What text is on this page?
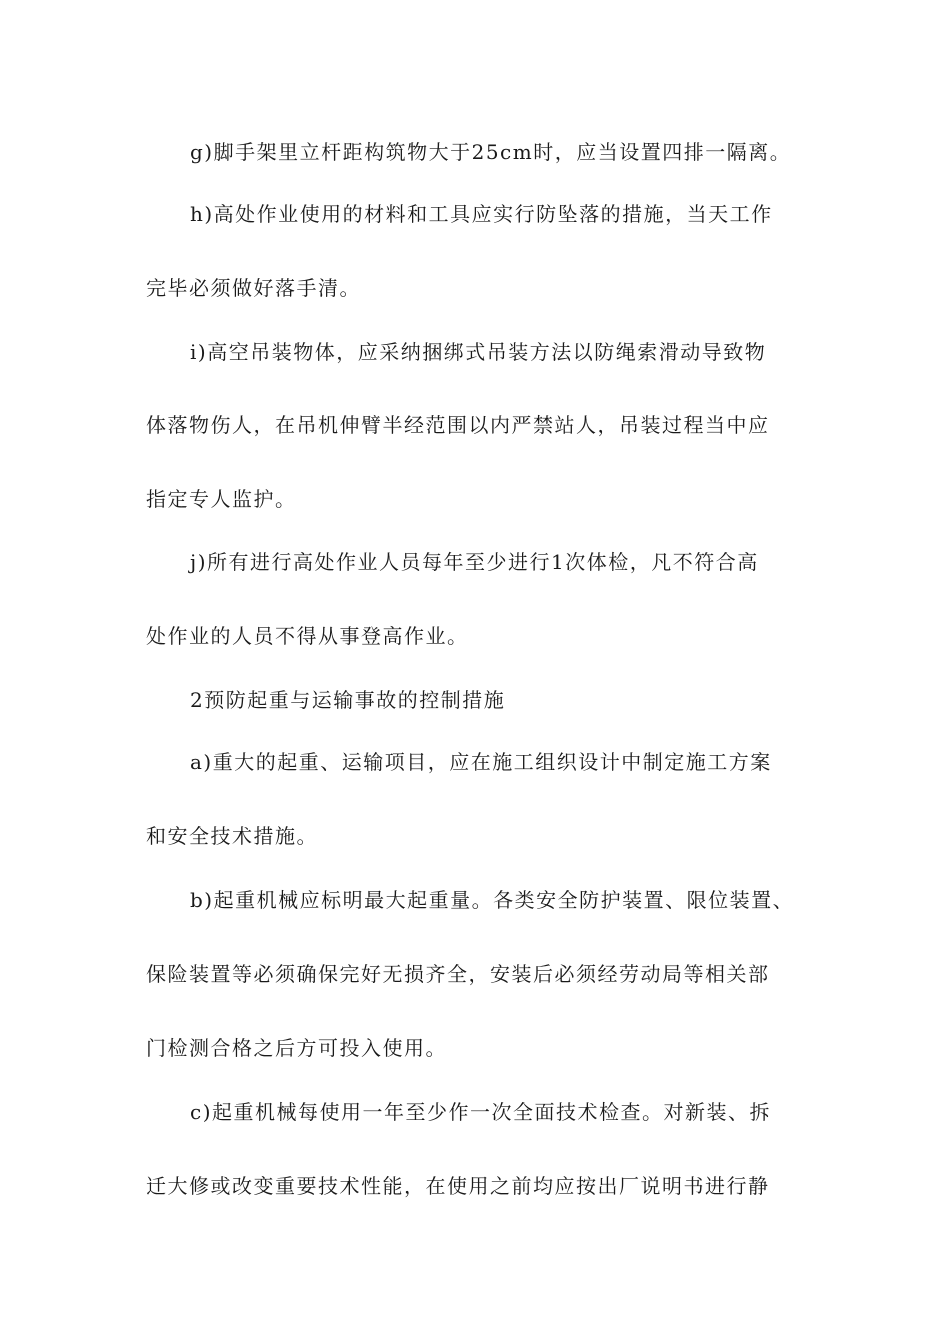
g)脚手架里立杆距构筑物大于25cm时，应当设置四排一隔离。
h)高处作业使用的材料和工具应实行防坠落的措施，当天工作
完毕必须做好落手清。
i)高空吊装物体，应采纳捆绑式吊装方法以防绳索滑动导致物
体落物伤人，在吊机伸臂半经范围以内严禁站人，吊装过程当中应
指定专人监护。
j)所有进行高处作业人员每年至少进行1次体检，凡不符合高
处作业的人员不得从事登高作业。
2预防起重与运输事故的控制措施
a)重大的起重、运输项目，应在施工组织设计中制定施工方案
和安全技术措施。
b)起重机械应标明最大起重量。各类安全防护装置、限位装置、
保险装置等必须确保完好无损齐全，安装后必须经劳动局等相关部
门检测合格之后方可投入使用。
c)起重机械每使用一年至少作一次全面技术检查。对新装、拆
迁大修或改变重要技术性能，在使用之前均应按出厂说明书进行静
